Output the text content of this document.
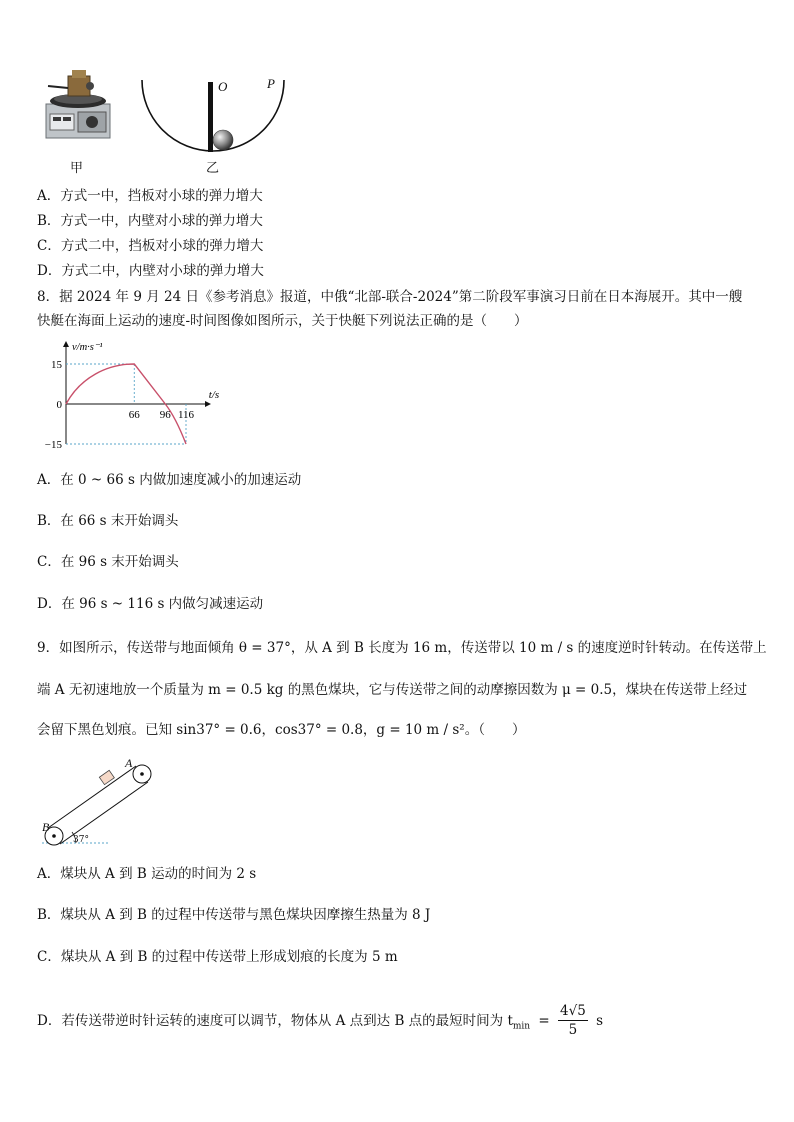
甲
O	P
乙
A．方式一中，挡板对小球的弹力增大
B．方式一中，内壁对小球的弹力增大
C．方式二中，挡板对小球的弹力增大
D．方式二中，内壁对小球的弹力增大
8．据 2024 年 9 月 24 日《参考消息》报道，中俄“北部-联合-2024”第二阶段军事演习日前在日本海展开。其中一艘
快艇在海面上运动的速度-时间图像如图所示，关于快艇下列说法正确的是（　　）
66 96 116
15
0
−15
v/m·s⁻¹
t/s
A．在 0 ~ 66 s 内做加速度减小的加速运动
B．在 66 s 末开始调头
C．在 96 s 末开始调头
D．在 96 s ~ 116 s 内做匀减速运动
9．如图所示，传送带与地面倾角 θ = 37°，从 A 到 B 长度为 16 m，传送带以 10 m / s 的速度逆时针转动。在传送带上
端 A 无初速地放一个质量为 m = 0.5 kg 的黑色煤块，它与传送带之间的动摩擦因数为 μ = 0.5，煤块在传送带上经过
会留下黑色划痕。已知 sin37° = 0.6，cos37° = 0.8，g = 10 m / s²。（　　）
A
B
37°
A．煤块从 A 到 B 运动的时间为 2 s
B．煤块从 A 到 B 的过程中传送带与黑色煤块因摩擦生热量为 8 J
C．煤块从 A 到 B 的过程中传送带上形成划痕的长度为 5 m
D．若传送带逆时针运转的速度可以调节，物体从 A 点到达 B 点的最短时间为 $t_{min} = \frac{4√5}{5}$ s
